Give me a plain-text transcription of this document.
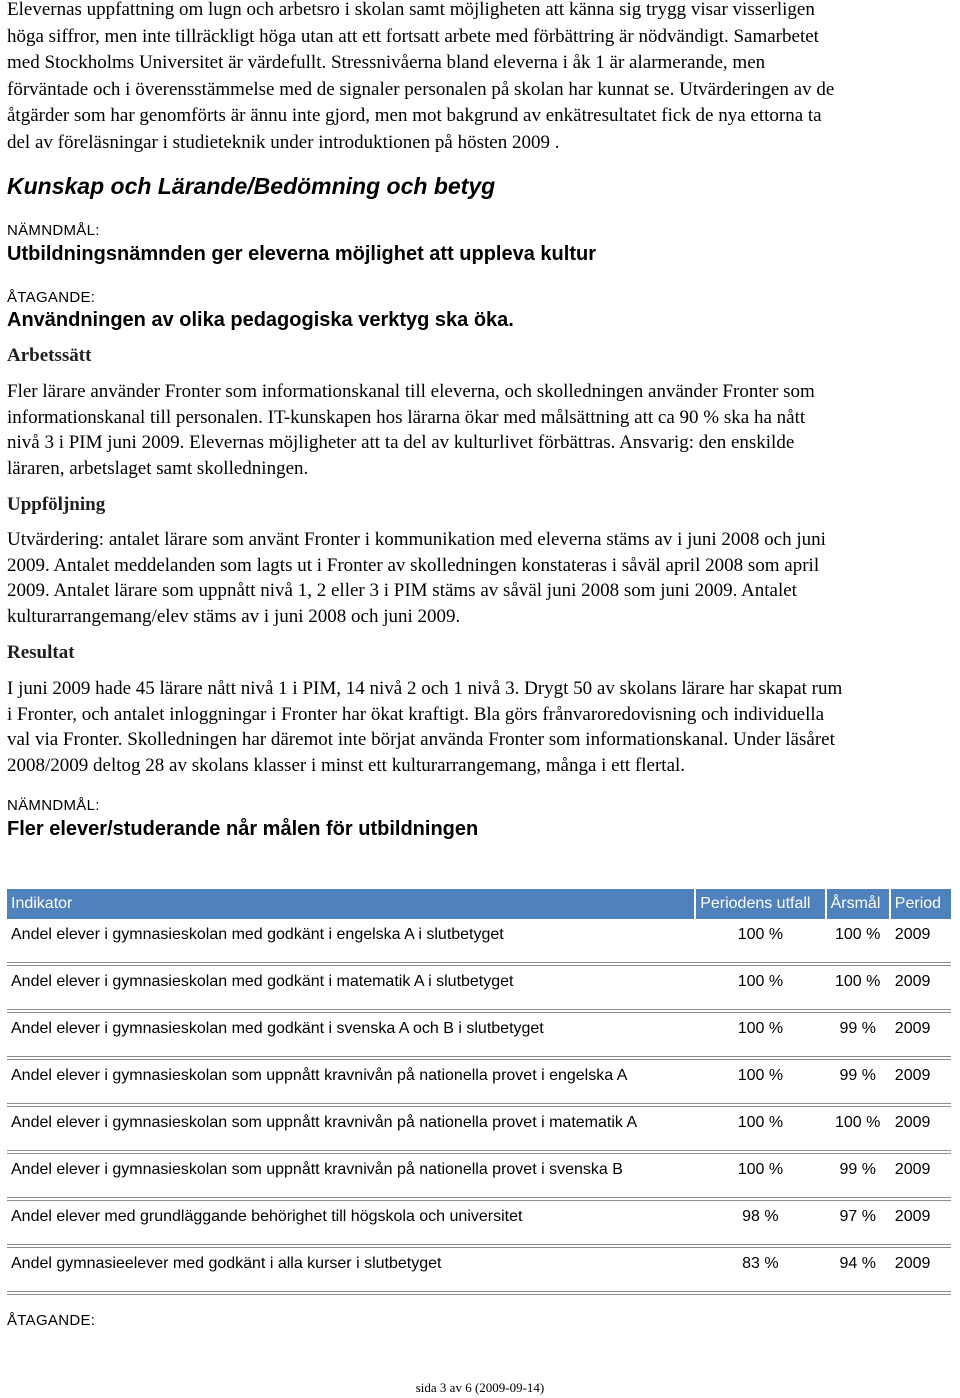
Elevernas uppfattning om lugn och arbetsro i skolan samt möjligheten att känna sig trygg visar visserligen
höga siffror, men inte tillräckligt höga utan att ett fortsatt arbete med förbättring är nödvändigt. Samarbetet
med Stockholms Universitet är värdefullt. Stressnivåerna bland eleverna i åk 1 är alarmerande, men
förväntade och i överensstämmelse med de signaler personalen på skolan har kunnat se. Utvärderingen av de
åtgärder som har genomförts är ännu inte gjord, men mot bakgrund av enkätresultatet fick de nya ettorna ta
del av föreläsningar i studieteknik under introduktionen på hösten 2009 .

Kunskap och Lärande/Bedömning och betyg
NÄMNDMÅL:
Utbildningsnämnden ger eleverna möjlighet att uppleva kultur
ÅTAGANDE:
Användningen av olika pedagogiska verktyg ska öka.
Arbetssätt

Fler lärare använder Fronter som informationskanal till eleverna, och skolledningen använder Fronter som
informationskanal till personalen. IT-kunskapen hos lärarna ökar med målsättning att ca 90 % ska ha nått
nivå 3 i PIM juni 2009. Elevernas möjligheter att ta del av kulturlivet förbättras. Ansvarig: den enskilde
läraren, arbetslaget samt skolledningen.

Uppföljning

Utvärdering: antalet lärare som använt Fronter i kommunikation med eleverna stäms av i juni 2008 och juni
2009. Antalet meddelanden som lagts ut i Fronter av skolledningen konstateras i såväl april 2008 som april
2009. Antalet lärare som uppnått nivå 1, 2 eller 3 i PIM stäms av såväl juni 2008 som juni 2009. Antalet
kulturarrangemang/elev stäms av i juni 2008 och juni 2009.

Resultat

I juni 2009 hade 45 lärare nått nivå 1 i PIM, 14 nivå 2 och 1 nivå 3. Drygt 50 av skolans lärare har skapat rum
i Fronter, och antalet inloggningar i Fronter har ökat kraftigt. Bla görs frånvaroredovisning och individuella
val via Fronter. Skolledningen har däremot inte börjat använda Fronter som informationskanal. Under läsåret
2008/2009 deltog 28 av skolans klasser i minst ett kulturarrangemang, många i ett flertal.

NÄMNDMÅL:
Fler elever/studerande når målen för utbildningen
Indikator	Periodens utfall	Årsmål	Period
Andel elever i gymnasieskolan med godkänt i engelska A i slutbetyget	100 %	100 %	2009
Andel elever i gymnasieskolan med godkänt i matematik A i slutbetyget	100 %	100 %	2009
Andel elever i gymnasieskolan med godkänt i svenska A och B i slutbetyget	100 %	99 %	2009
Andel elever i gymnasieskolan som uppnått kravnivån på nationella provet i engelska A	100 %	99 %	2009
Andel elever i gymnasieskolan som uppnått kravnivån på nationella provet i matematik A	100 %	100 %	2009
Andel elever i gymnasieskolan som uppnått kravnivån på nationella provet i svenska B	100 %	99 %	2009
Andel elever med grundläggande behörighet till högskola och universitet	98 %	97 %	2009
Andel gymnasieelever med godkänt i alla kurser i slutbetyget	83 %	94 %	2009
ÅTAGANDE:
sida 3 av 6 (2009-09-14)
